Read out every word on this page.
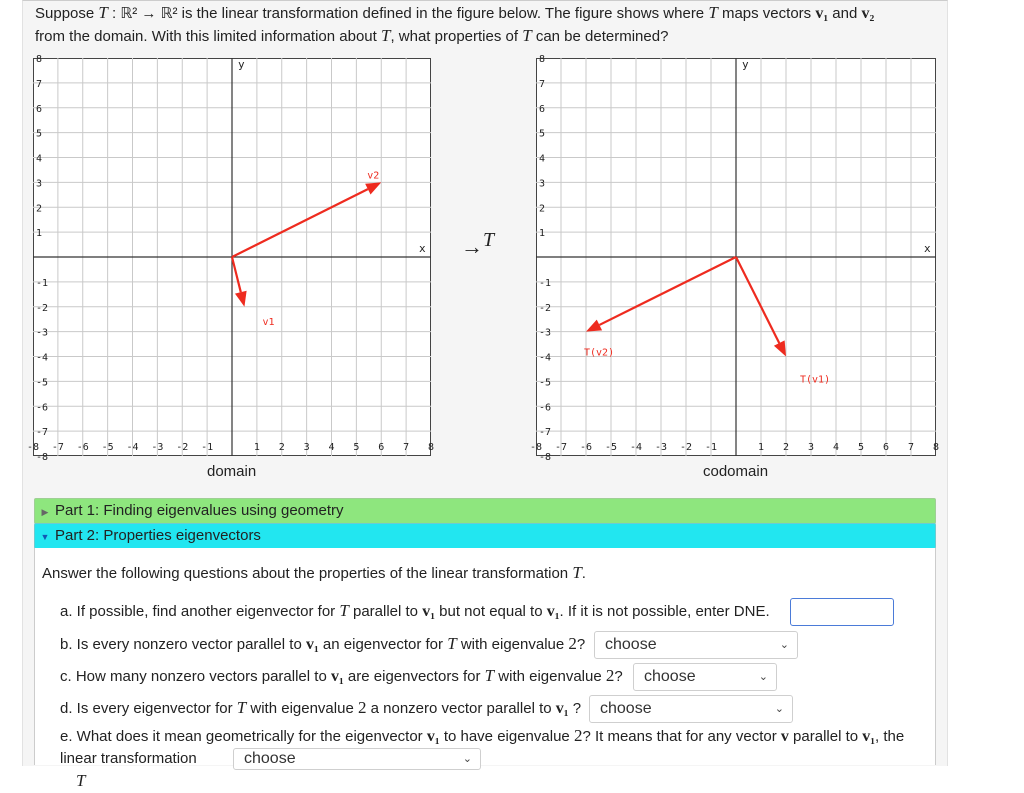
Suppose T : ℝ² → ℝ² is the linear transformation defined in the figure below. The figure shows where T maps vectors v₁ and v₂
from the domain. With this limited information about T, what properties of T can be determined?
y
x
-8 -7 -6 -5 -4 -3 -2 -1	1 2 3 4 5 6 7 8
8
7
6
5
4
3
2
1
-1
-2
-3
-4
-5
-6
-7
-8
v1
v2
y
x
-8 -7 -6 -5 -4 -3 -2 -1	1 2 3 4 5 6 7 8
8
7
6
5
4
3
2
1
-1
-2
-3
-4
-5
-6
-7
-8
T(v1)
T(v2)
domain	codomain
→T
▶ Part 1: Finding eigenvalues using geometry
▼ Part 2: Properties eigenvectors
Answer the following questions about the properties of the linear transformation T.
a. If possible, find another eigenvector for T parallel to v₁ but not equal to v₁. If it is not possible, enter DNE.
b. Is every nonzero vector parallel to v₁ an eigenvector for T with eigenvalue 2?	choose	⌄
c. How many nonzero vectors parallel to v₁ are eigenvectors for T with eigenvalue 2?	choose	⌄
d. Is every eigenvector for T with eigenvalue 2 a nonzero vector parallel to v₁ ?	choose	⌄
e. What does it mean geometrically for the eigenvector v₁ to have eigenvalue 2? It means that for any vector v parallel to v₁, the linear transformation
T
choose	⌄
